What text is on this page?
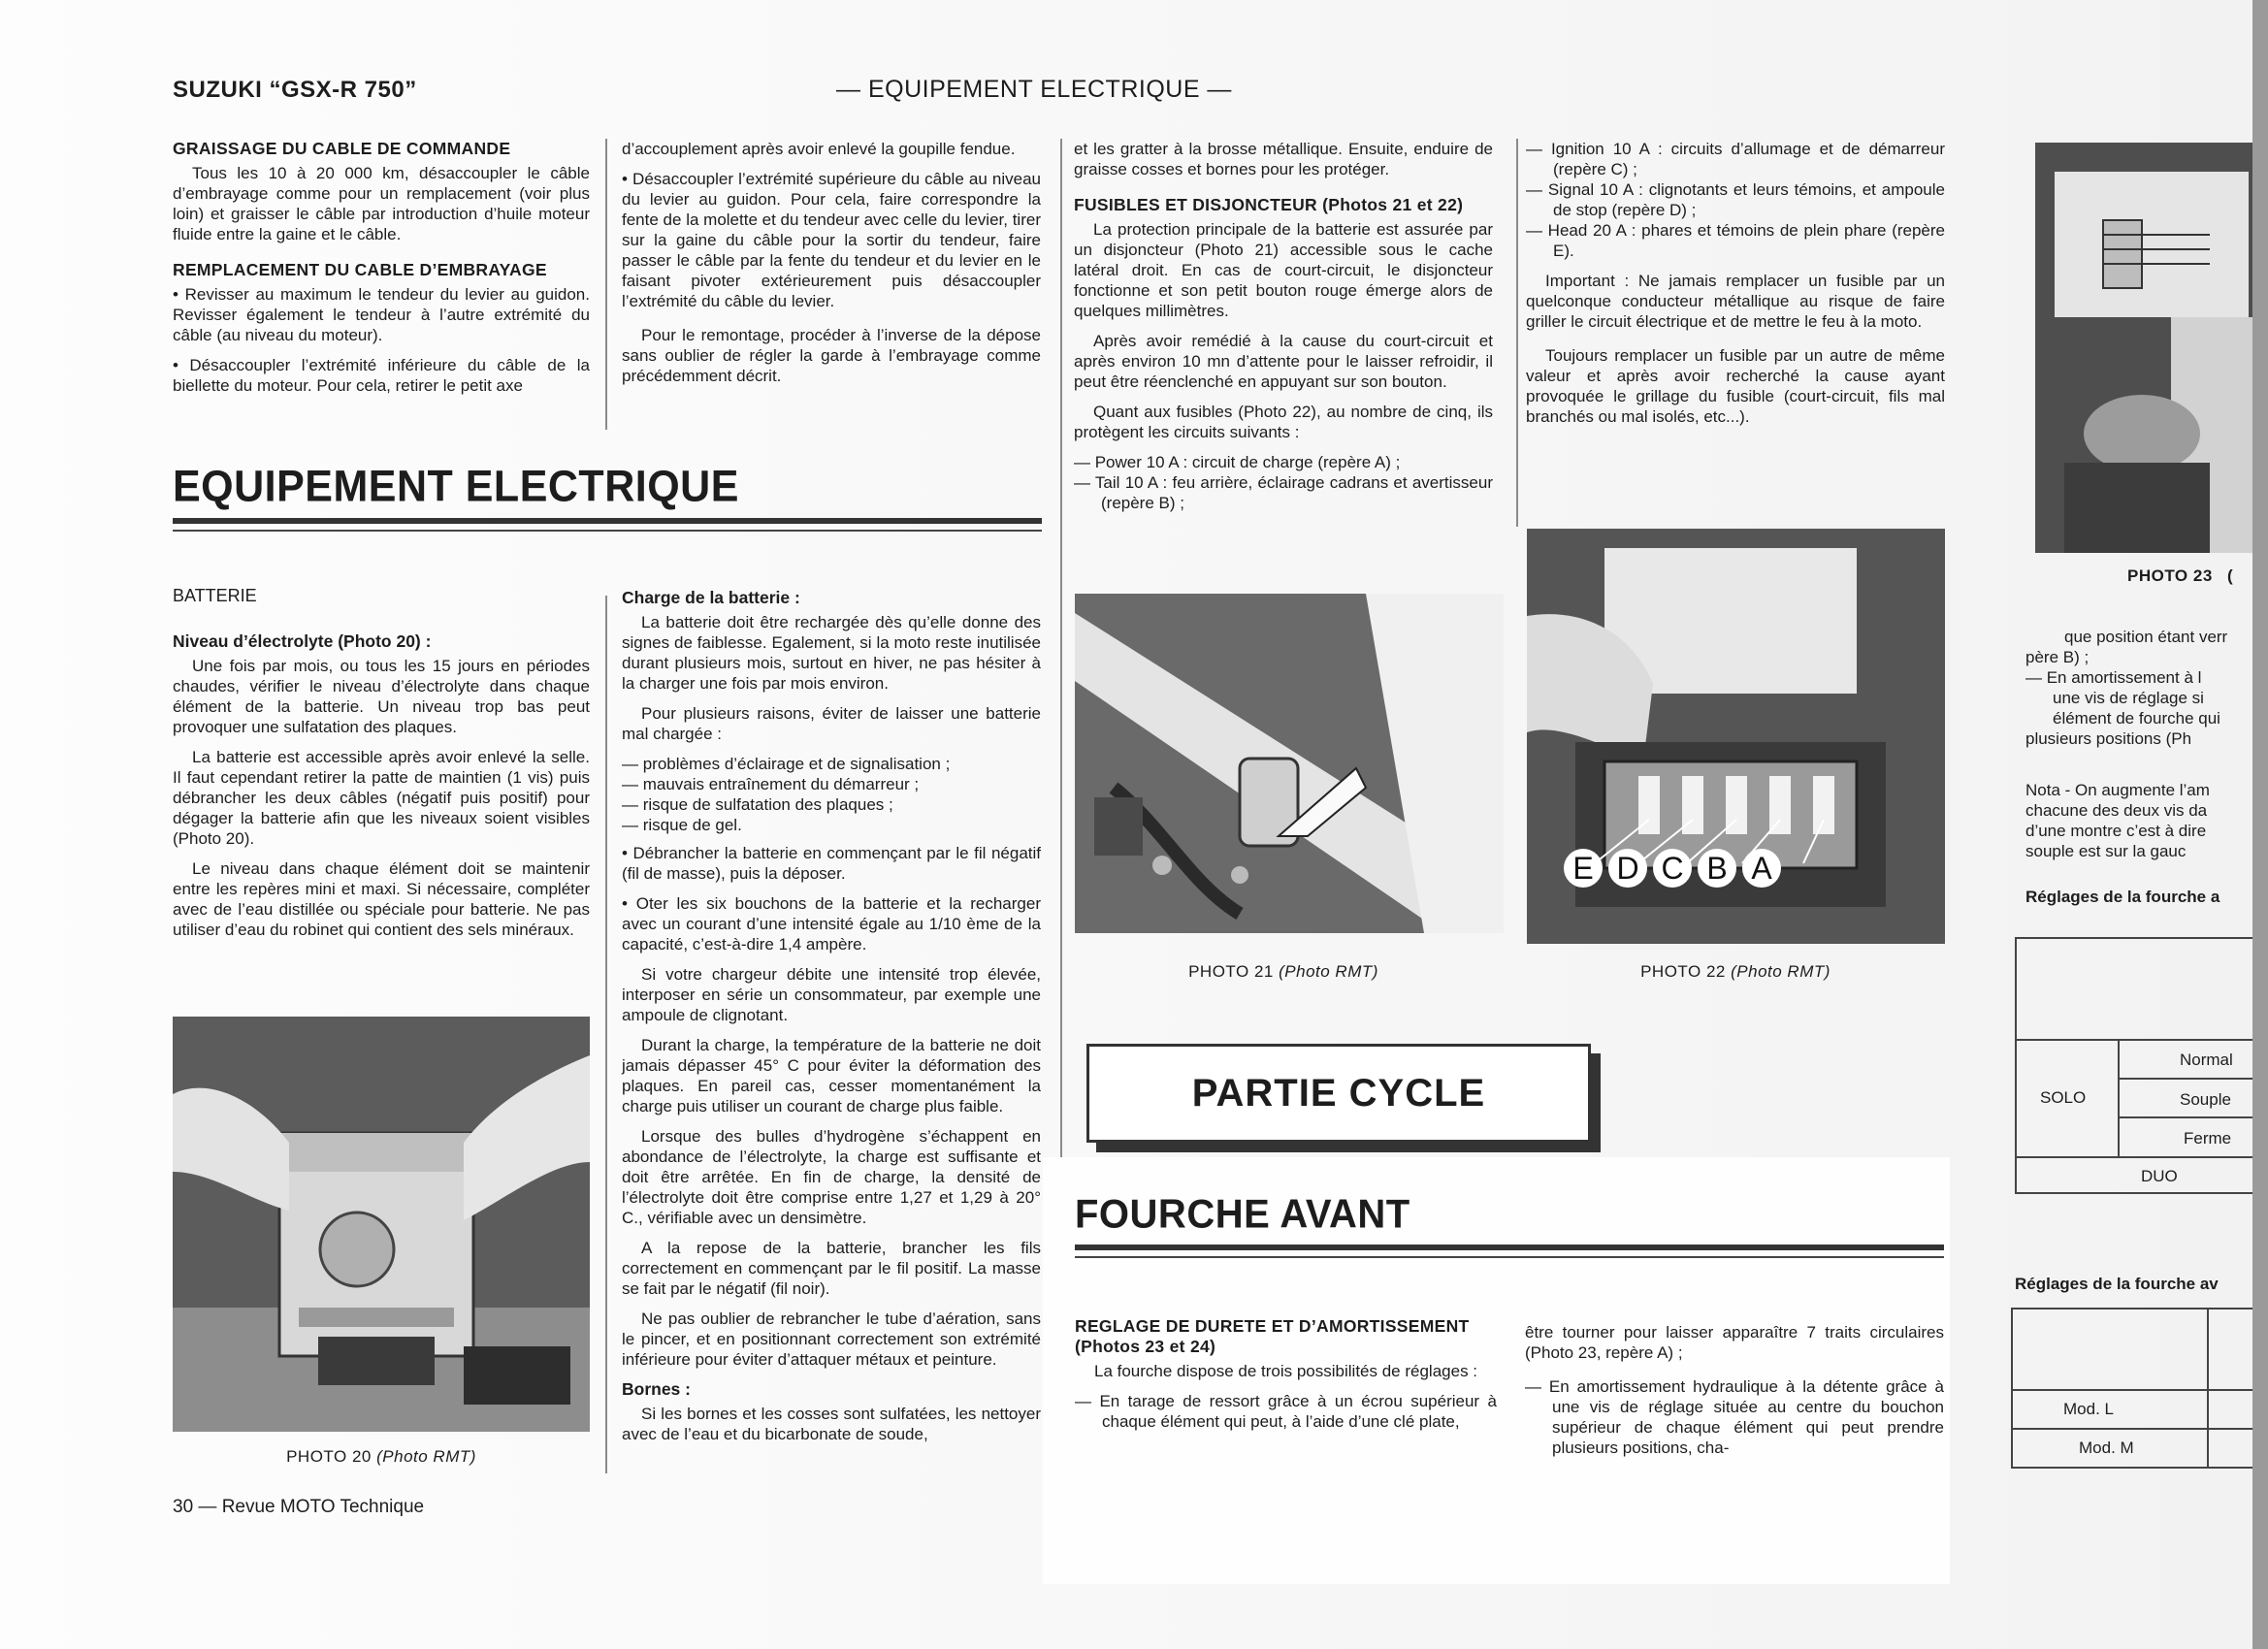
SUZUKI “GSX-R 750”	— EQUIPEMENT ELECTRIQUE —
GRAISSAGE DU CABLE DE COMMANDE

Tous les 10 à 20 000 km, désaccoupler le câble d’embrayage comme pour un remplacement (voir plus loin) et graisser le câble par introduction d’huile moteur fluide entre la gaine et le câble.

REMPLACEMENT DU CABLE D’EMBRAYAGE

• Revisser au maximum le tendeur du levier au guidon. Revisser également le tendeur à l’autre extrémité du câble (au niveau du moteur).

• Désaccoupler l’extrémité inférieure du câble de la biellette du moteur. Pour cela, retirer le petit axe

d’accouplement après avoir enlevé la goupille fendue.

• Désaccoupler l’extrémité supérieure du câble au niveau du levier au guidon. Pour cela, faire correspondre la fente de la molette et du tendeur avec celle du levier, tirer sur la gaine du câble pour la sortir du tendeur, faire passer le câble par la fente du tendeur et du levier en le faisant pivoter extérieurement puis désaccoupler l’extrémité du câble du levier.

Pour le remontage, procéder à l’inverse de la dépose sans oublier de régler la garde à l’embrayage comme précédemment décrit.

EQUIPEMENT ELECTRIQUE
BATTERIE
Niveau d’électrolyte (Photo 20) :

Une fois par mois, ou tous les 15 jours en périodes chaudes, vérifier le niveau d’électrolyte dans chaque élément de la batterie. Un niveau trop bas peut provoquer une sulfatation des plaques.

La batterie est accessible après avoir enlevé la selle. Il faut cependant retirer la patte de maintien (1 vis) puis débrancher les deux câbles (négatif puis positif) pour dégager la batterie afin que les niveaux soient visibles (Photo 20).

Le niveau dans chaque élément doit se maintenir entre les repères mini et maxi. Si nécessaire, compléter avec de l’eau distillée ou spéciale pour batterie. Ne pas utiliser d’eau du robinet qui contient des sels minéraux.

PHOTO 20 (Photo RMT)
Charge de la batterie :

La batterie doit être rechargée dès qu’elle donne des signes de faiblesse. Egalement, si la moto reste inutilisée durant plusieurs mois, surtout en hiver, ne pas hésiter à la charger une fois par mois environ.

Pour plusieurs raisons, éviter de laisser une batterie mal chargée :

— problèmes d’éclairage et de signalisation ;

— mauvais entraînement du démarreur ;

— risque de sulfatation des plaques ;

— risque de gel.

• Débrancher la batterie en commençant par le fil négatif (fil de masse), puis la déposer.

• Oter les six bouchons de la batterie et la recharger avec un courant d’une intensité égale au 1/10 ème de la capacité, c’est-à-dire 1,4 ampère.

Si votre chargeur débite une intensité trop élevée, interposer en série un consommateur, par exemple une ampoule de clignotant.

Durant la charge, la température de la batterie ne doit jamais dépasser 45° C pour éviter la déformation des plaques. En pareil cas, cesser momentanément la charge puis utiliser un courant de charge plus faible.

Lorsque des bulles d’hydrogène s’échappent en abondance de l’électrolyte, la charge est suffisante et doit être arrêtée. En fin de charge, la densité de l’électrolyte doit être comprise entre 1,27 et 1,29 à 20° C., vérifiable avec un densimètre.

A la repose de la batterie, brancher les fils correctement en commençant par le fil positif. La masse se fait par le négatif (fil noir).

Ne pas oublier de rebrancher le tube d’aération, sans le pincer, et en positionnant correctement son extrémité inférieure pour éviter d’attaquer métaux et peinture.

Bornes :

Si les bornes et les cosses sont sulfatées, les nettoyer avec de l’eau et du bicarbonate de soude,

et les gratter à la brosse métallique. Ensuite, enduire de graisse cosses et bornes pour les protéger.

FUSIBLES ET DISJONCTEUR (Photos 21 et 22)

La protection principale de la batterie est assurée par un disjoncteur (Photo 21) accessible sous le cache latéral droit. En cas de court-circuit, le disjoncteur fonctionne et son petit bouton rouge émerge alors de quelques millimètres.

Après avoir remédié à la cause du court-circuit et après environ 10 mn d’attente pour le laisser refroidir, il peut être réenclenché en appuyant sur son bouton.

Quant aux fusibles (Photo 22), au nombre de cinq, ils protègent les circuits suivants :

— Power 10 A : circuit de charge (repère A) ;

— Tail 10 A : feu arrière, éclairage cadrans et avertisseur (repère B) ;

PHOTO 21 (Photo RMT)

— Ignition 10 A : circuits d’allumage et de démarreur (repère C) ;

— Signal 10 A : clignotants et leurs témoins, et ampoule de stop (repère D) ;

— Head 20 A : phares et témoins de plein phare (repère E).

Important : Ne jamais remplacer un fusible par un quelconque conducteur métallique au risque de faire griller le circuit électrique et de mettre le feu à la moto.

Toujours remplacer un fusible par un autre de même valeur et après avoir recherché la cause ayant provoquée le grillage du fusible (court-circuit, fils mal branchés ou mal isolés, etc...).

E D C B A
PHOTO 22 (Photo RMT)
PARTIE CYCLE
FOURCHE AVANT
REGLAGE DE DURETE ET D’AMORTISSEMENT (Photos 23 et 24)

La fourche dispose de trois possibilités de réglages :

— En tarage de ressort grâce à un écrou supérieur à chaque élément qui peut, à l’aide d’une clé plate,

être tourner pour laisser apparaître 7 traits circulaires (Photo 23, repère A) ;

— En amortissement hydraulique à la détente grâce à une vis de réglage située au centre du bouchon supérieur de chaque élément qui peut prendre plusieurs positions, cha-

30 — Revue MOTO Technique
PHOTO 23 (
que position étant verr
père B) ;
— En amortissement à l
une vis de réglage si
élément de fourche qui
plusieurs positions (Ph
Nota - On augmente l’am
chacune des deux vis da
d’une montre c’est à dire
souple est sur la gauc
Réglages de la fourche a
SOLO
Normal
Souple
Ferme
DUO
Réglages de la fourche av
Mod. L
Mod. M
